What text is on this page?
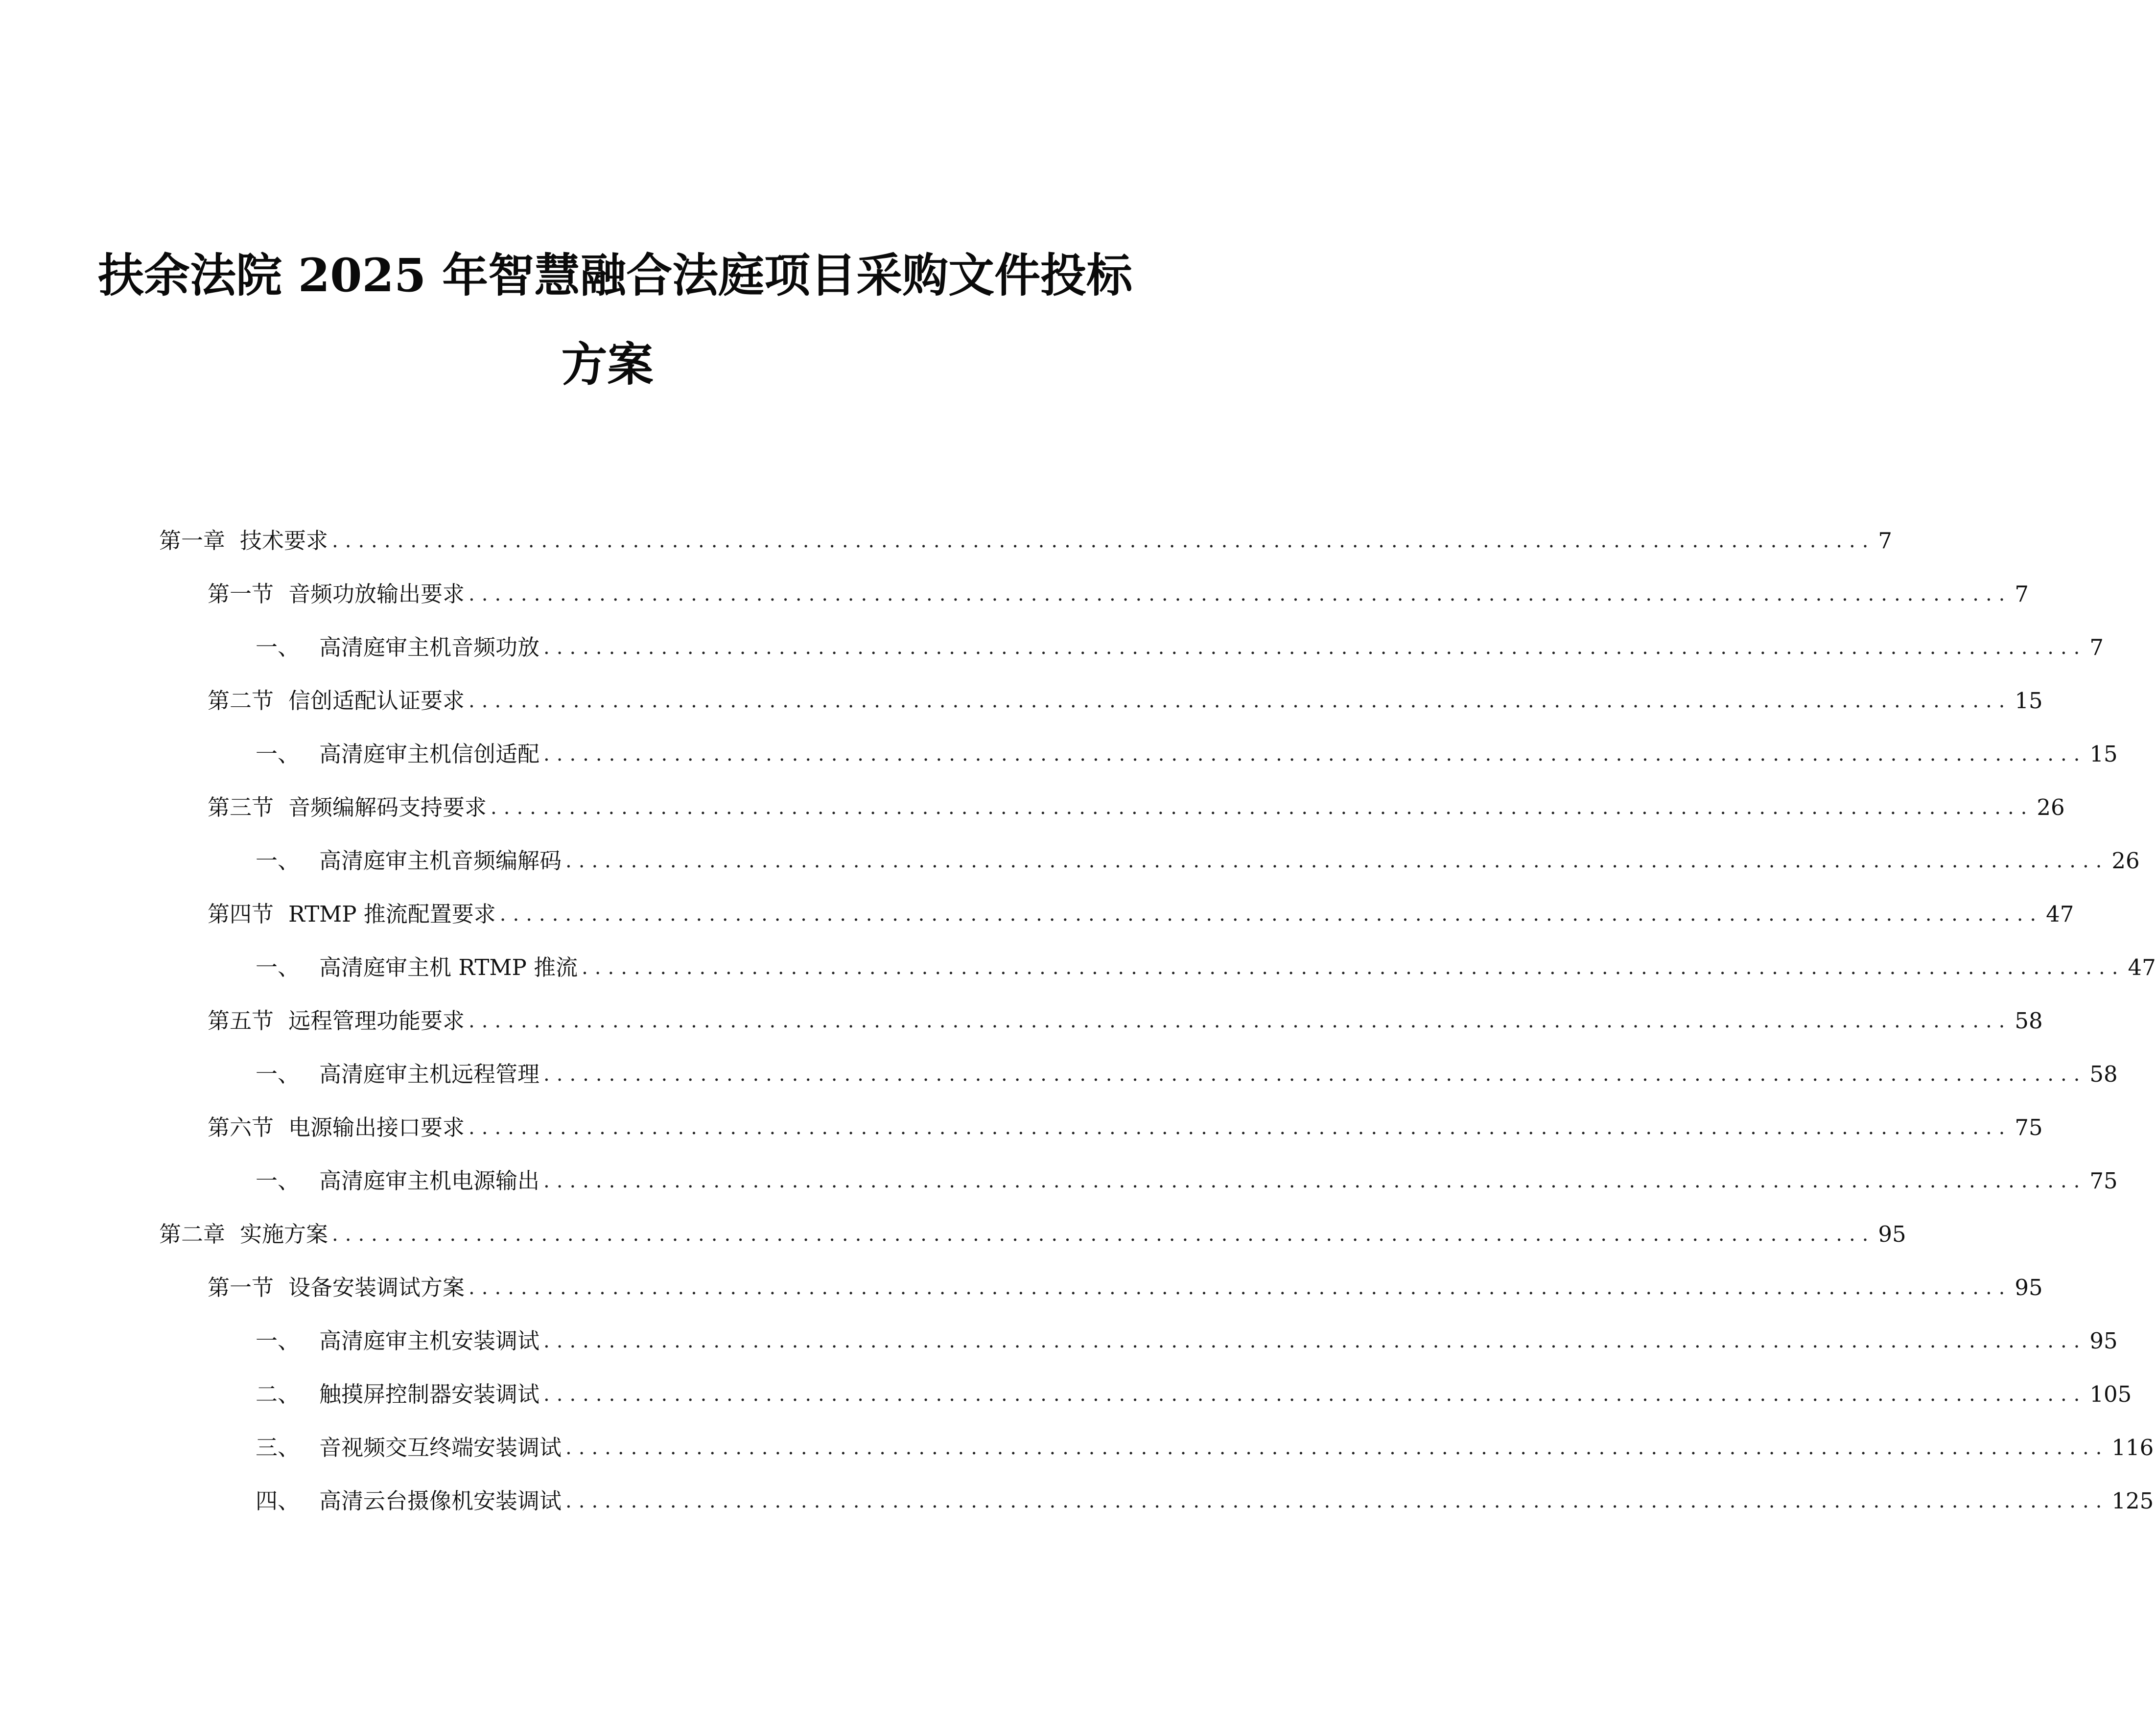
扶余法院 2025 年智慧融合法庭项目采购文件投标
方案
第一章 技术要求 ...................................................................................................................... 7
第一节 音频功放输出要求 ...................................................................................................................... 7
一、 高清庭审主机音频功放 ...................................................................................................................... 7
第二节 信创适配认证要求 ...................................................................................................................... 15
一、 高清庭审主机信创适配 ...................................................................................................................... 15
第三节 音频编解码支持要求 ...................................................................................................................... 26
一、 高清庭审主机音频编解码 ...................................................................................................................... 26
第四节 RTMP 推流配置要求 ...................................................................................................................... 47
一、 高清庭审主机 RTMP 推流 ...................................................................................................................... 47
第五节 远程管理功能要求 ...................................................................................................................... 58
一、 高清庭审主机远程管理 ...................................................................................................................... 58
第六节 电源输出接口要求 ...................................................................................................................... 75
一、 高清庭审主机电源输出 ...................................................................................................................... 75
第二章 实施方案 ...................................................................................................................... 95
第一节 设备安装调试方案 ...................................................................................................................... 95
一、 高清庭审主机安装调试 ...................................................................................................................... 95
二、 触摸屏控制器安装调试 ...................................................................................................................... 105
三、 音视频交互终端安装调试 ...................................................................................................................... 116
四、 高清云台摄像机安装调试 ...................................................................................................................... 125
